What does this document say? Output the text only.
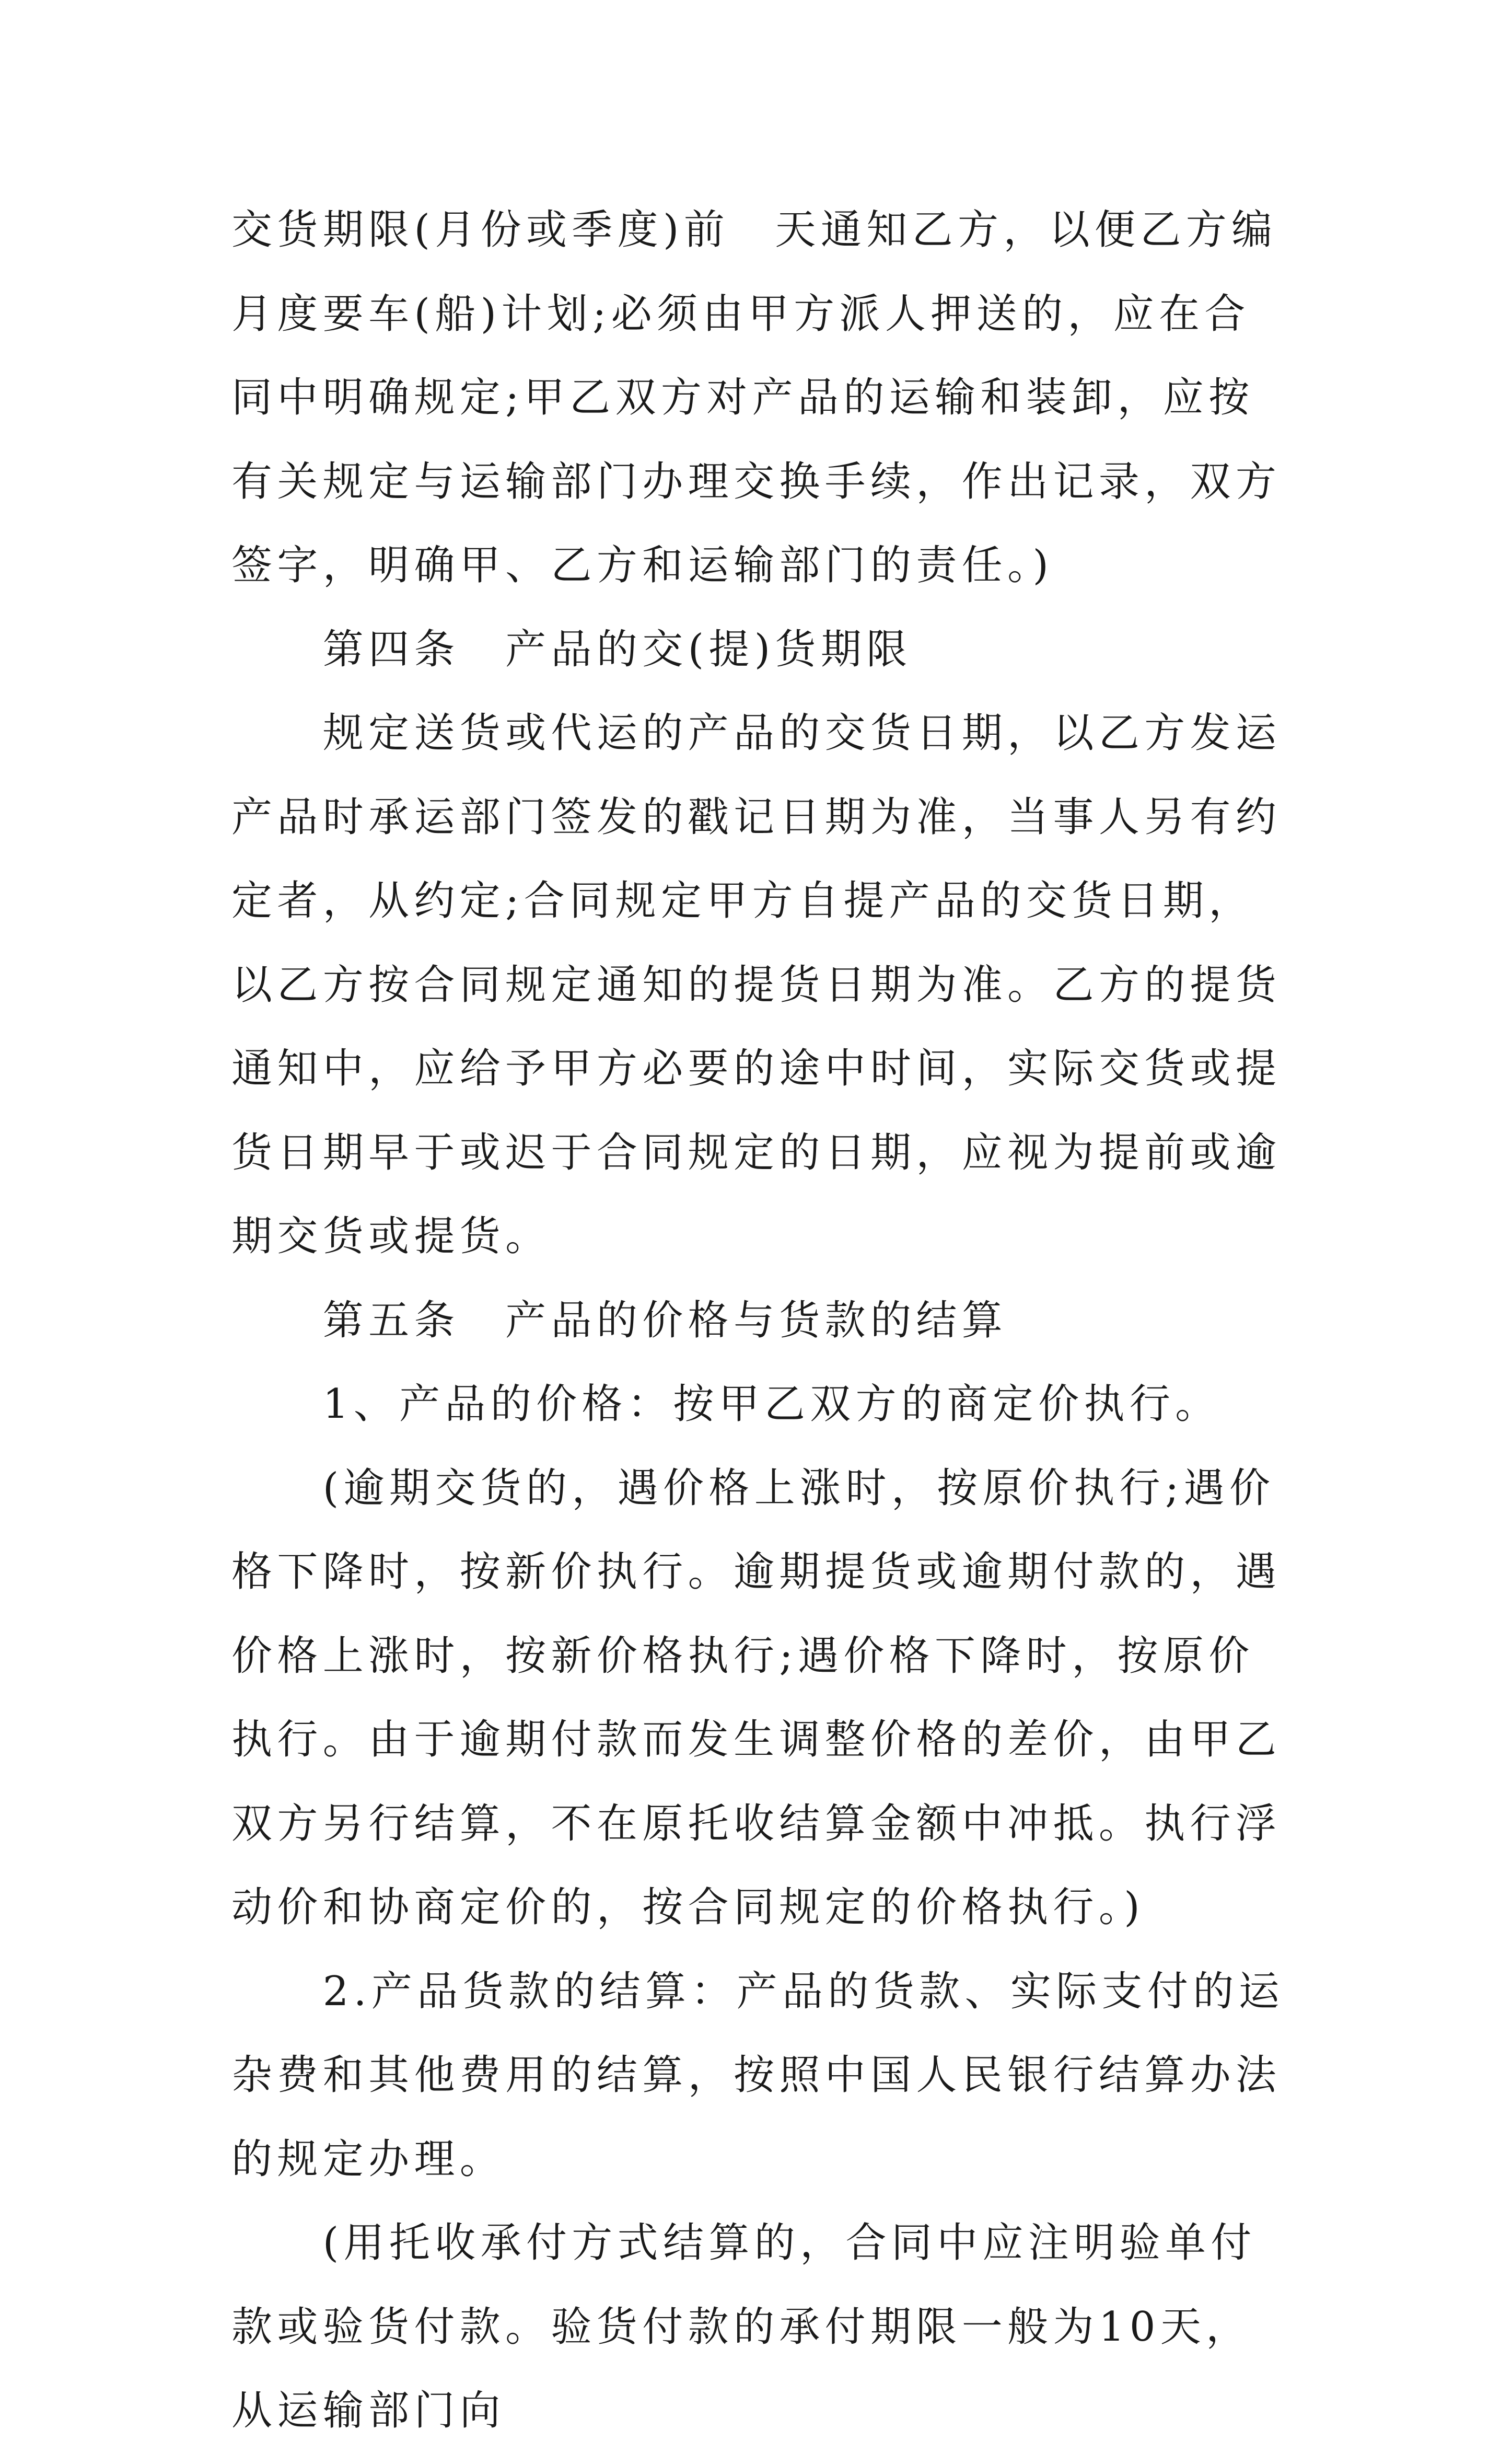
交货期限(月份或季度)前　天通知乙方，以便乙方编月度要车(船)计划;必须由甲方派人押送的，应在合同中明确规定;甲乙双方对产品的运输和装卸，应按有关规定与运输部门办理交换手续，作出记录，双方签字，明确甲、乙方和运输部门的责任。)

第四条　产品的交(提)货期限

规定送货或代运的产品的交货日期，以乙方发运产品时承运部门签发的戳记日期为准，当事人另有约定者，从约定;合同规定甲方自提产品的交货日期，以乙方按合同规定通知的提货日期为准。乙方的提货通知中，应给予甲方必要的途中时间，实际交货或提货日期早于或迟于合同规定的日期，应视为提前或逾期交货或提货。

第五条　产品的价格与货款的结算

1、产品的价格：按甲乙双方的商定价执行。

(逾期交货的，遇价格上涨时，按原价执行;遇价格下降时，按新价执行。逾期提货或逾期付款的，遇价格上涨时，按新价格执行;遇价格下降时，按原价执行。由于逾期付款而发生调整价格的差价，由甲乙双方另行结算，不在原托收结算金额中冲抵。执行浮动价和协商定价的，按合同规定的价格执行。)

2.产品货款的结算：产品的货款、实际支付的运杂费和其他费用的结算，按照中国人民银行结算办法的规定办理。

(用托收承付方式结算的，合同中应注明验单付款或验货付款。验货付款的承付期限一般为10天，从运输部门向
